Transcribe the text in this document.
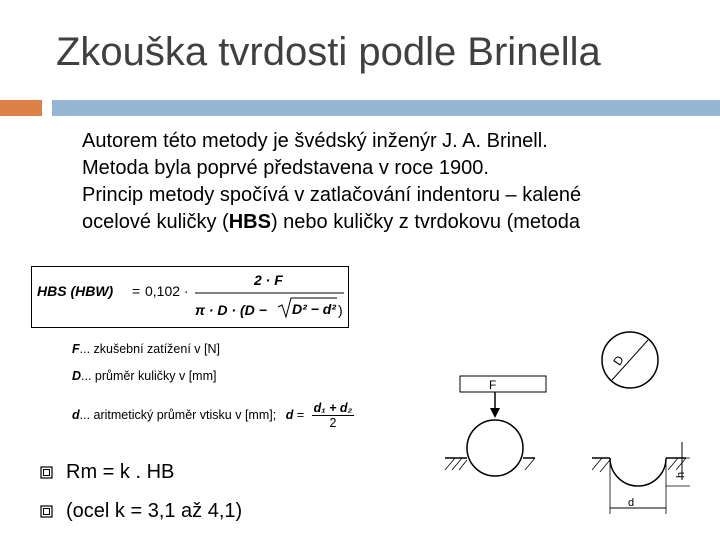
Zkouška tvrdosti podle Brinella

Autorem této metody je švédský inženýr J. A. Brinell.

Metoda byla poprvé představena v roce 1900.

Princip metody spočívá v zatlačování indentoru – kalené

ocelové kuličky (HBS) nebo kuličky z tvrdokovu (metoda

HBS (HBW) = 0,102 ·
2 · F
π · D · (D − D² − d² )
F... zkušební zatížení v [N]
D... průměr kuličky v [mm]
d... aritmetický průměr vtisku v [mm]; $d = \frac{\text{d₁ + d₂}}{2}$
Rm = k . HB
(ocel k = 3,1 až 4,1)
D
F
h
d
